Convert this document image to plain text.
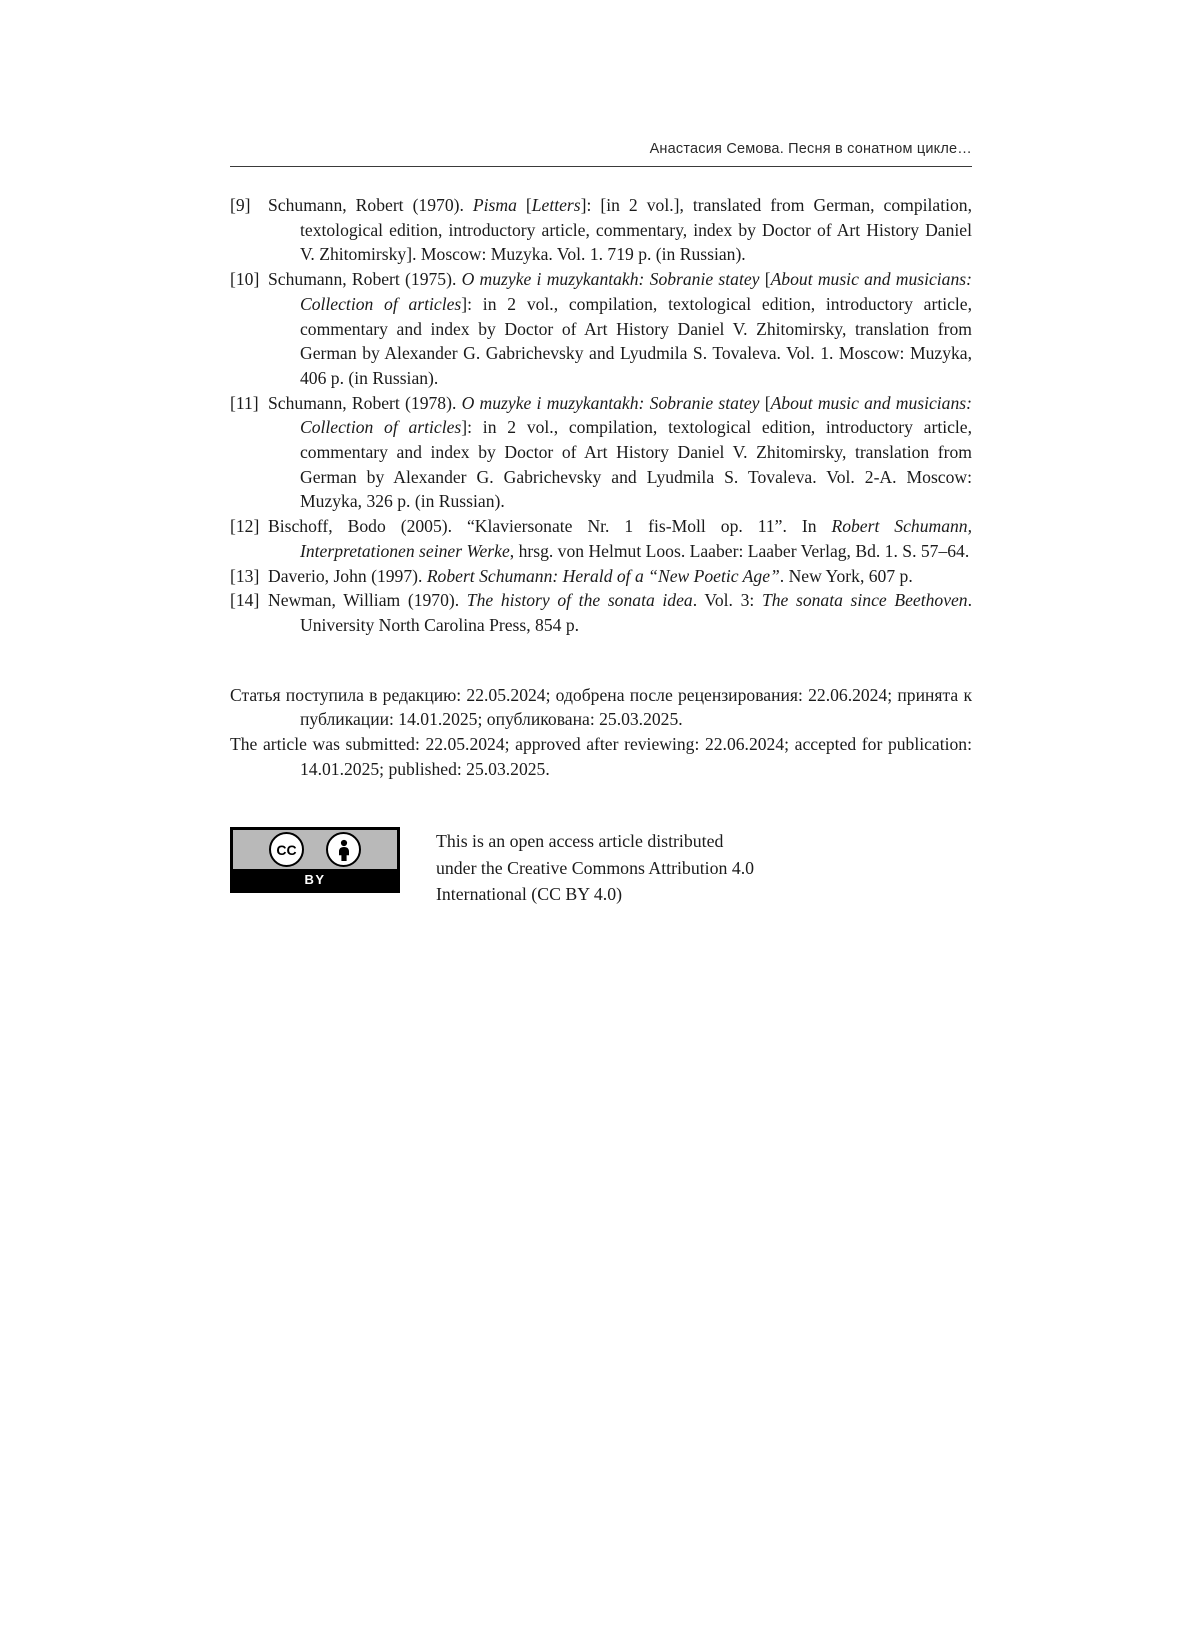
Анастасия Семова. Песня в сонатном цикле…
[9] Schumann, Robert (1970). Pisma [Letters]: [in 2 vol.], translated from German, compilation, textological edition, introductory article, commentary, index by Doctor of Art History Daniel V. Zhitomirsky]. Moscow: Muzyka. Vol. 1. 719 p. (in Russian).
[10] Schumann, Robert (1975). O muzyke i muzykantakh: Sobranie statey [About music and musicians: Collection of articles]: in 2 vol., compilation, textological edition, introductory article, commentary and index by Doctor of Art History Daniel V. Zhitomirsky, translation from German by Alexander G. Gabrichevsky and Lyudmila S. Tovaleva. Vol. 1. Moscow: Muzyka, 406 p. (in Russian).
[11] Schumann, Robert (1978). O muzyke i muzykantakh: Sobranie statey [About music and musicians: Collection of articles]: in 2 vol., compilation, textological edition, introductory article, commentary and index by Doctor of Art History Daniel V. Zhitomirsky, translation from German by Alexander G. Gabrichevsky and Lyudmila S. Tovaleva. Vol. 2-A. Moscow: Muzyka, 326 p. (in Russian).
[12] Bischoff, Bodo (2005). “Klaviersonate Nr. 1 fis-Moll op. 11”. In Robert Schumann, Interpretationen seiner Werke, hrsg. von Helmut Loos. Laaber: Laaber Verlag, Bd. 1. S. 57–64.
[13] Daverio, John (1997). Robert Schumann: Herald of a “New Poetic Age”. New York, 607 p.
[14] Newman, William (1970). The history of the sonata idea. Vol. 3: The sonata since Beethoven. University North Carolina Press, 854 p.

Статья поступила в редакцию: 22.05.2024; одобрена после рецензирования: 22.06.2024; принята к публикации: 14.01.2025; опубликована: 25.03.2025.

The article was submitted: 22.05.2024; approved after reviewing: 22.06.2024; accepted for publication: 14.01.2025; published: 25.03.2025.

CC
BY
This is an open access article distributed
under the Creative Commons Attribution 4.0
International (CC BY 4.0)
